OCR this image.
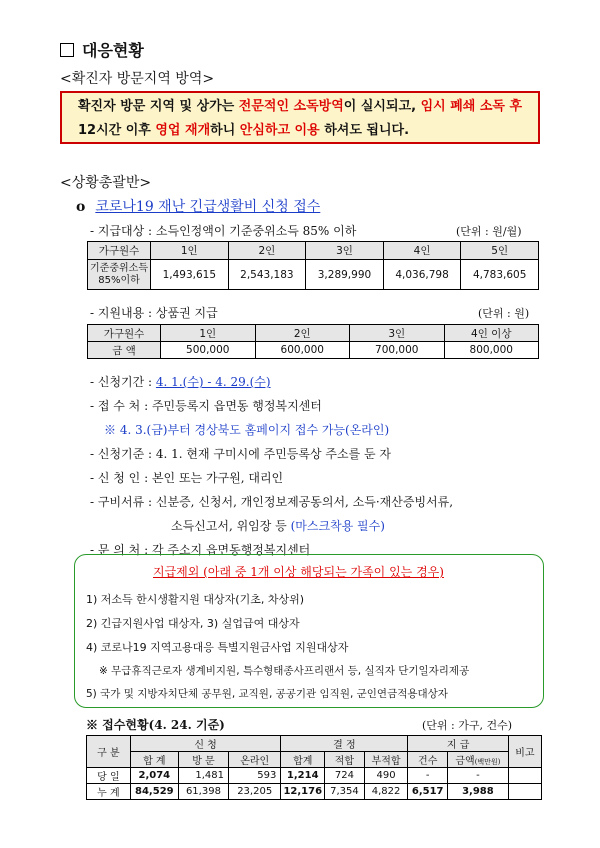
대응현황
<확진자 방문지역 방역>
확진자 방문 지역 및 상가는 전문적인 소독방역이 실시되고, 임시 폐쇄 소독 후
12시간 이후 영업 재개하니 안심하고 이용 하셔도 됩니다.
<상황총괄반>
o 코로나19 재난 긴급생활비 신청 접수
- 지급대상 : 소득인정액이 기준중위소득 85% 이하	(단위 : 원/월)
가구원수	1인	2인	3인	4인	5인
기준중위소득
85%이하	1,493,615	2,543,183	3,289,990	4,036,798	4,783,605
- 지원내용 : 상품권 지급	(단위 : 원)
가구원수	1인	2인	3인	4인 이상
금 액	500,000	600,000	700,000	800,000
- 신청기간 : 4. 1.(수) - 4. 29.(수)
- 접 수 처 : 주민등록지 읍면동 행정복지센터
※ 4. 3.(금)부터 경상북도 홈페이지 접수 가능(온라인)
- 신청기준 : 4. 1. 현재 구미시에 주민등록상 주소를 둔 자
- 신 청 인 : 본인 또는 가구원, 대리인
- 구비서류 : 신분증, 신청서, 개인정보제공동의서, 소득·재산증빙서류,
소득신고서, 위임장 등 (마스크착용 필수)
- 문 의 처 : 각 주소지 읍면동행정복지센터
지급제외 (아래 중 1개 이상 해당되는 가족이 있는 경우)
1) 저소득 한시생활지원 대상자(기초, 차상위)
2) 긴급지원사업 대상자, 3) 실업급여 대상자
4) 코로나19 지역고용대응 특별지원금사업 지원대상자
※ 무급휴직근로자 생계비지원, 특수형태종사프리랜서 등, 실직자 단기일자리제공
5) 국가 및 지방자치단체 공무원, 교직원, 공공기관 임직원, 군인연금적용대상자
※ 접수현황(4. 24. 기준)	(단위 : 가구, 건수)
구 분	신 청			결 정			지 급		비고
	합 계	방 문	온라인	합계	적합	부적합	건수	금액(백만원)	
당 일	2,074	1,481	593	1,214	724	490	-	-	
누 계	84,529	61,398	23,205	12,176	7,354	4,822	6,517	3,988	
